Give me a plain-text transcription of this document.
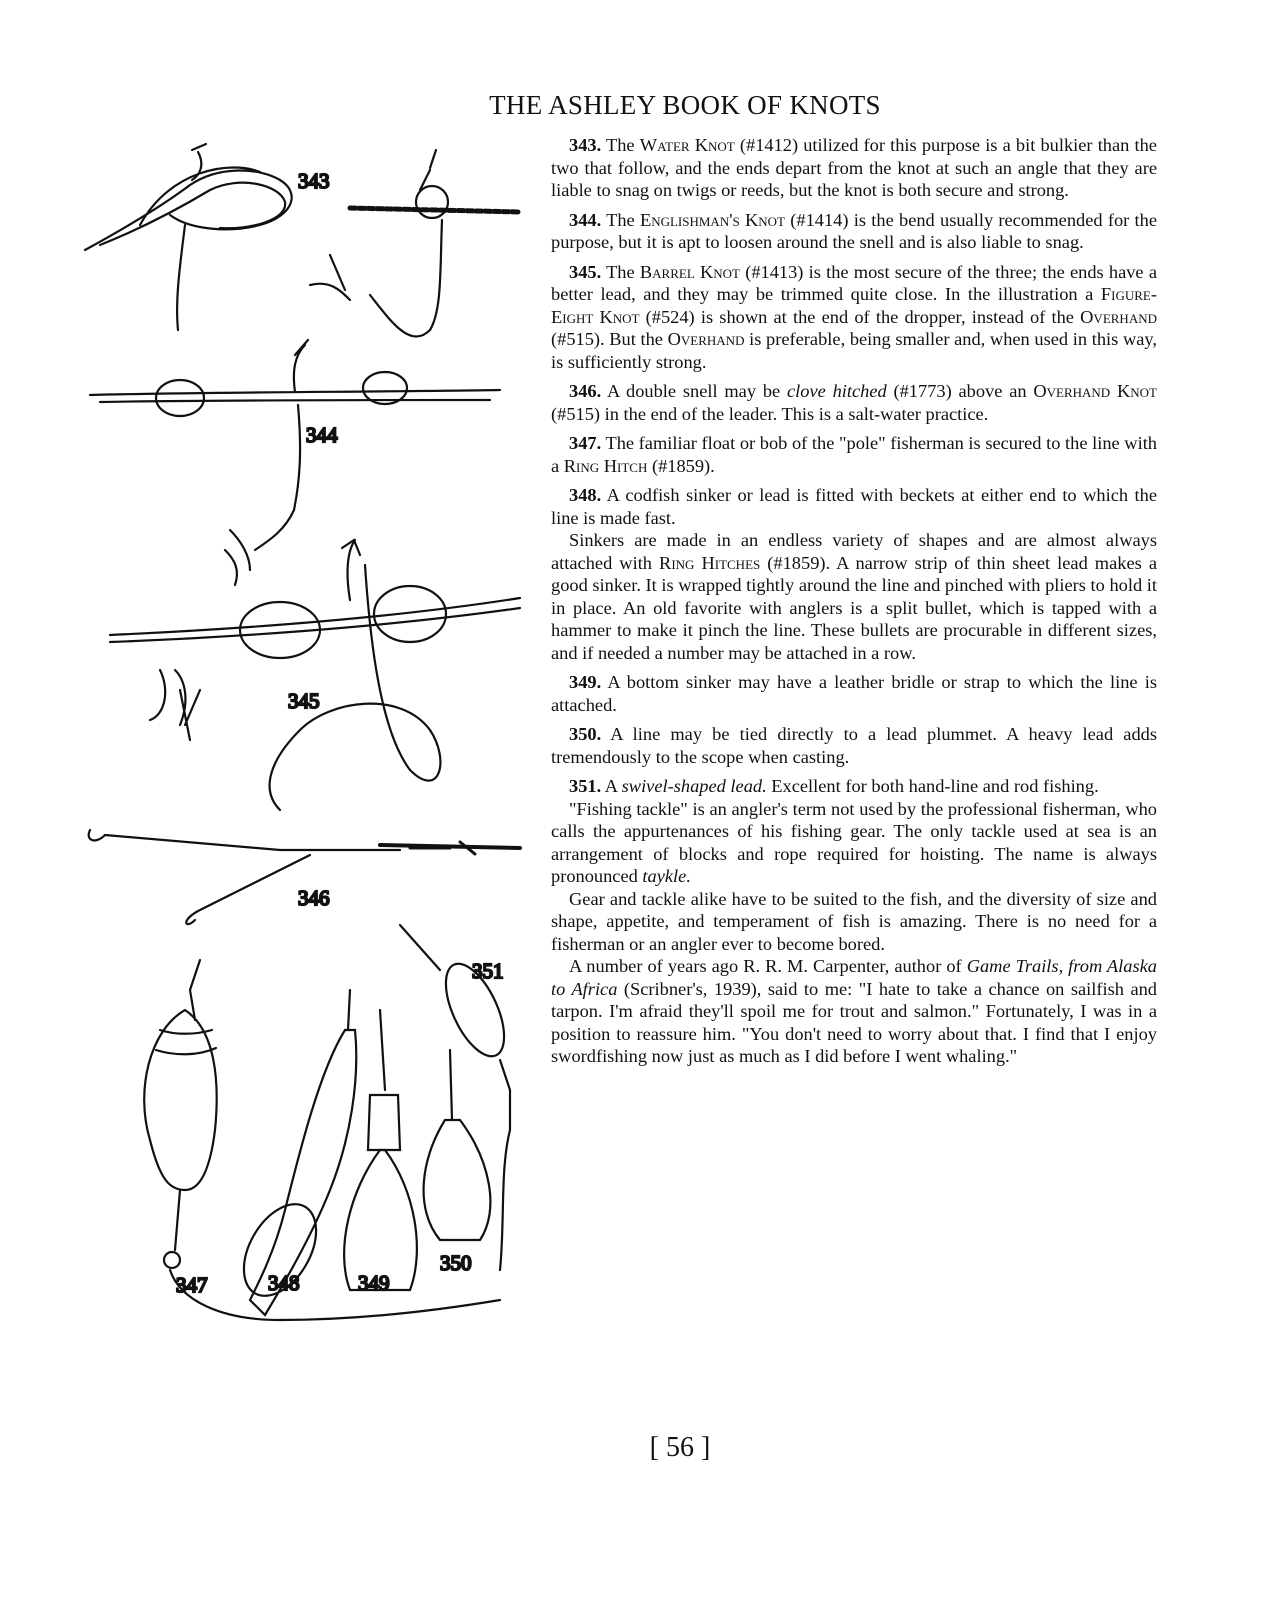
THE ASHLEY BOOK OF KNOTS
343
344
345
346
351
347	348	349
350

343. The Water Knot (#1412) utilized for this purpose is a bit bulkier than the two that follow, and the ends depart from the knot at such an angle that they are liable to snag on twigs or reeds, but the knot is both secure and strong.

344. The Englishman's Knot (#1414) is the bend usually recommended for the purpose, but it is apt to loosen around the snell and is also liable to snag.

345. The Barrel Knot (#1413) is the most secure of the three; the ends have a better lead, and they may be trimmed quite close. In the illustration a Figure-Eight Knot (#524) is shown at the end of the dropper, instead of the Overhand (#515). But the Overhand is preferable, being smaller and, when used in this way, is sufficiently strong.

346. A double snell may be clove hitched (#1773) above an Overhand Knot (#515) in the end of the leader. This is a salt-water practice.

347. The familiar float or bob of the "pole" fisherman is secured to the line with a Ring Hitch (#1859).

348. A codfish sinker or lead is fitted with beckets at either end to which the line is made fast.

Sinkers are made in an endless variety of shapes and are almost always attached with Ring Hitches (#1859). A narrow strip of thin sheet lead makes a good sinker. It is wrapped tightly around the line and pinched with pliers to hold it in place. An old favorite with anglers is a split bullet, which is tapped with a hammer to make it pinch the line. These bullets are procurable in different sizes, and if needed a number may be attached in a row.

349. A bottom sinker may have a leather bridle or strap to which the line is attached.

350. A line may be tied directly to a lead plummet. A heavy lead adds tremendously to the scope when casting.

351. A swivel-shaped lead. Excellent for both hand-line and rod fishing.

"Fishing tackle" is an angler's term not used by the professional fisherman, who calls the appurtenances of his fishing gear. The only tackle used at sea is an arrangement of blocks and rope required for hoisting. The name is always pronounced taykle.

Gear and tackle alike have to be suited to the fish, and the diversity of size and shape, appetite, and temperament of fish is amazing. There is no need for a fisherman or an angler ever to become bored.

A number of years ago R. R. M. Carpenter, author of Game Trails, from Alaska to Africa (Scribner's, 1939), said to me: "I hate to take a chance on sailfish and tarpon. I'm afraid they'll spoil me for trout and salmon." Fortunately, I was in a position to reassure him. "You don't need to worry about that. I find that I enjoy swordfishing now just as much as I did before I went whaling."

[ 56 ]
